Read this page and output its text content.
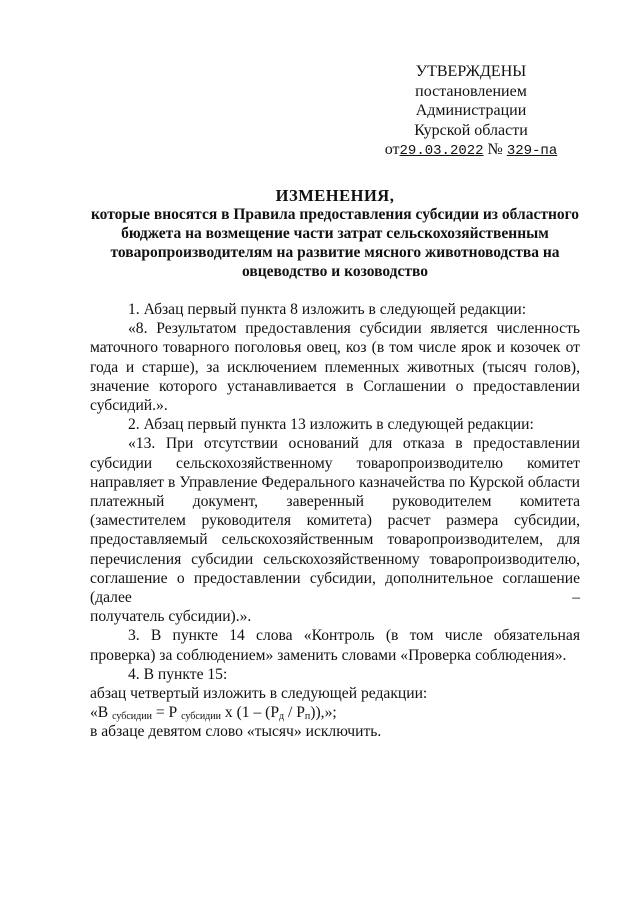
УТВЕРЖДЕНЫ
постановлением Администрации
Курской области
от29.03.2022 № 329-па
ИЗМЕНЕНИЯ,
которые вносятся в Правила предоставления субсидии из областного бюджета на возмещение части затрат сельскохозяйственным товаропроизводителям на развитие мясного животноводства на овцеводство и козоводство

1. Абзац первый пункта 8 изложить в следующей редакции:

«8. Результатом предоставления субсидии является численность маточного товарного поголовья овец, коз (в том числе ярок и козочек от года и старше), за исключением племенных животных (тысяч голов), значение которого устанавливается в Соглашении о предоставлении субсидий.».

2. Абзац первый пункта 13 изложить в следующей редакции:

«13. При отсутствии оснований для отказа в предоставлении субсидии сельскохозяйственному товаропроизводителю комитет направляет в Управление Федерального казначейства по Курской области платежный документ, заверенный руководителем комитета (заместителем руководителя комитета) расчет размера субсидии, предоставляемый сельскохозяйственным товаропроизводителем, для перечисления субсидии сельскохозяйственному товаропроизводителю, соглашение о предоставлении субсидии, дополнительное соглашение (далее –

получатель субсидии).».

3. В пункте 14 слова «Контроль (в том числе обязательная проверка) за соблюдением» заменить словами «Проверка соблюдения».

4. В пункте 15:

абзац четвертый изложить в следующей редакции:

«В $_{субсидии}$ = Р $_{субсидии}$ х $(1 - (Р_д / Р_п))$,»;

в абзаце девятом слово «тысяч» исключить.
